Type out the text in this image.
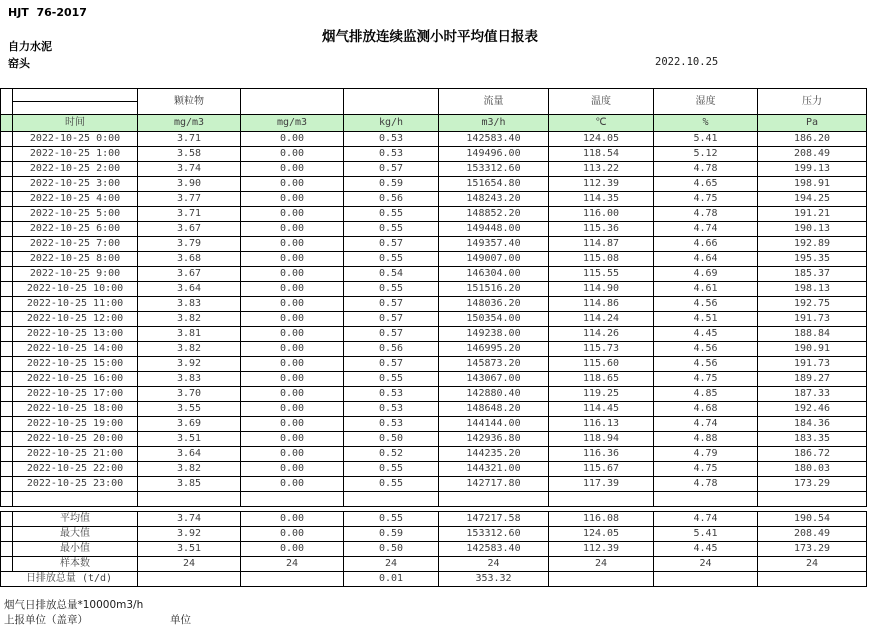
HJT  76-2017
烟气排放连续监测小时平均值日报表
自力水泥
窑头	2022.10.25
		颗粒物			流量	温度	湿度	压力

	时间	mg/m3	mg/m3	kg/h	m3/h	℃	%	Pa
	2022-10-25 0:00	3.71	0.00	0.53	142583.40	124.05	5.41	186.20
	2022-10-25 1:00	3.58	0.00	0.53	149496.00	118.54	5.12	208.49
	2022-10-25 2:00	3.74	0.00	0.57	153312.60	113.22	4.78	199.13
	2022-10-25 3:00	3.90	0.00	0.59	151654.80	112.39	4.65	198.91
	2022-10-25 4:00	3.77	0.00	0.56	148243.20	114.35	4.75	194.25
	2022-10-25 5:00	3.71	0.00	0.55	148852.20	116.00	4.78	191.21
	2022-10-25 6:00	3.67	0.00	0.55	149448.00	115.36	4.74	190.13
	2022-10-25 7:00	3.79	0.00	0.57	149357.40	114.87	4.66	192.89
	2022-10-25 8:00	3.68	0.00	0.55	149007.00	115.08	4.64	195.35
	2022-10-25 9:00	3.67	0.00	0.54	146304.00	115.55	4.69	185.37
	2022-10-25 10:00	3.64	0.00	0.55	151516.20	114.90	4.61	198.13
	2022-10-25 11:00	3.83	0.00	0.57	148036.20	114.86	4.56	192.75
	2022-10-25 12:00	3.82	0.00	0.57	150354.00	114.24	4.51	191.73
	2022-10-25 13:00	3.81	0.00	0.57	149238.00	114.26	4.45	188.84
	2022-10-25 14:00	3.82	0.00	0.56	146995.20	115.73	4.56	190.91
	2022-10-25 15:00	3.92	0.00	0.57	145873.20	115.60	4.56	191.73
	2022-10-25 16:00	3.83	0.00	0.55	143067.00	118.65	4.75	189.27
	2022-10-25 17:00	3.70	0.00	0.53	142880.40	119.25	4.85	187.33
	2022-10-25 18:00	3.55	0.00	0.53	148648.20	114.45	4.68	192.46
	2022-10-25 19:00	3.69	0.00	0.53	144144.00	116.13	4.74	184.36
	2022-10-25 20:00	3.51	0.00	0.50	142936.80	118.94	4.88	183.35
	2022-10-25 21:00	3.64	0.00	0.52	144235.20	116.36	4.79	186.72
	2022-10-25 22:00	3.82	0.00	0.55	144321.00	115.67	4.75	180.03
	2022-10-25 23:00	3.85	0.00	0.55	142717.80	117.39	4.78	173.29

	平均值	3.74	0.00	0.55	147217.58	116.08	4.74	190.54
	最大值	3.92	0.00	0.59	153312.60	124.05	5.41	208.49
	最小值	3.51	0.00	0.50	142583.40	112.39	4.45	173.29
	样本数	24	24	24	24	24	24	24
日排放总量 (t/d)				0.01	353.32			
烟气日排放总量*10000m3/h
上报单位（盖章）	单位
